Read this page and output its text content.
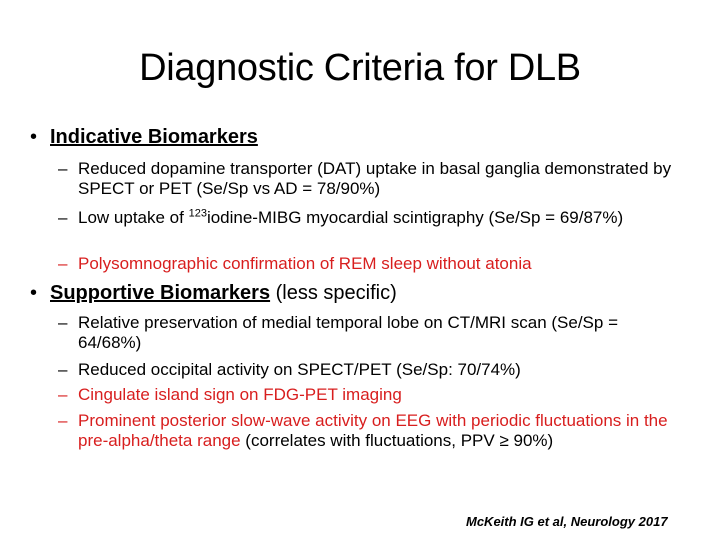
Diagnostic Criteria for DLB
• Indicative Biomarkers
– Reduced dopamine transporter (DAT) uptake in basal ganglia demonstrated by SPECT or PET (Se/Sp vs AD = 78/90%)
– Low uptake of $^{123}$iodine-MIBG myocardial scintigraphy (Se/Sp = 69/87%)
– Polysomnographic confirmation of REM sleep without atonia
• Supportive Biomarkers (less specific)
– Relative preservation of medial temporal lobe on CT/MRI scan (Se/Sp = 64/68%)
– Reduced occipital activity on SPECT/PET (Se/Sp: 70/74%)
– Cingulate island sign on FDG-PET imaging
– Prominent posterior slow-wave activity on EEG with periodic fluctuations in the pre-alpha/theta range (correlates with fluctuations, PPV ≥ 90%)
McKeith IG et al, Neurology 2017
